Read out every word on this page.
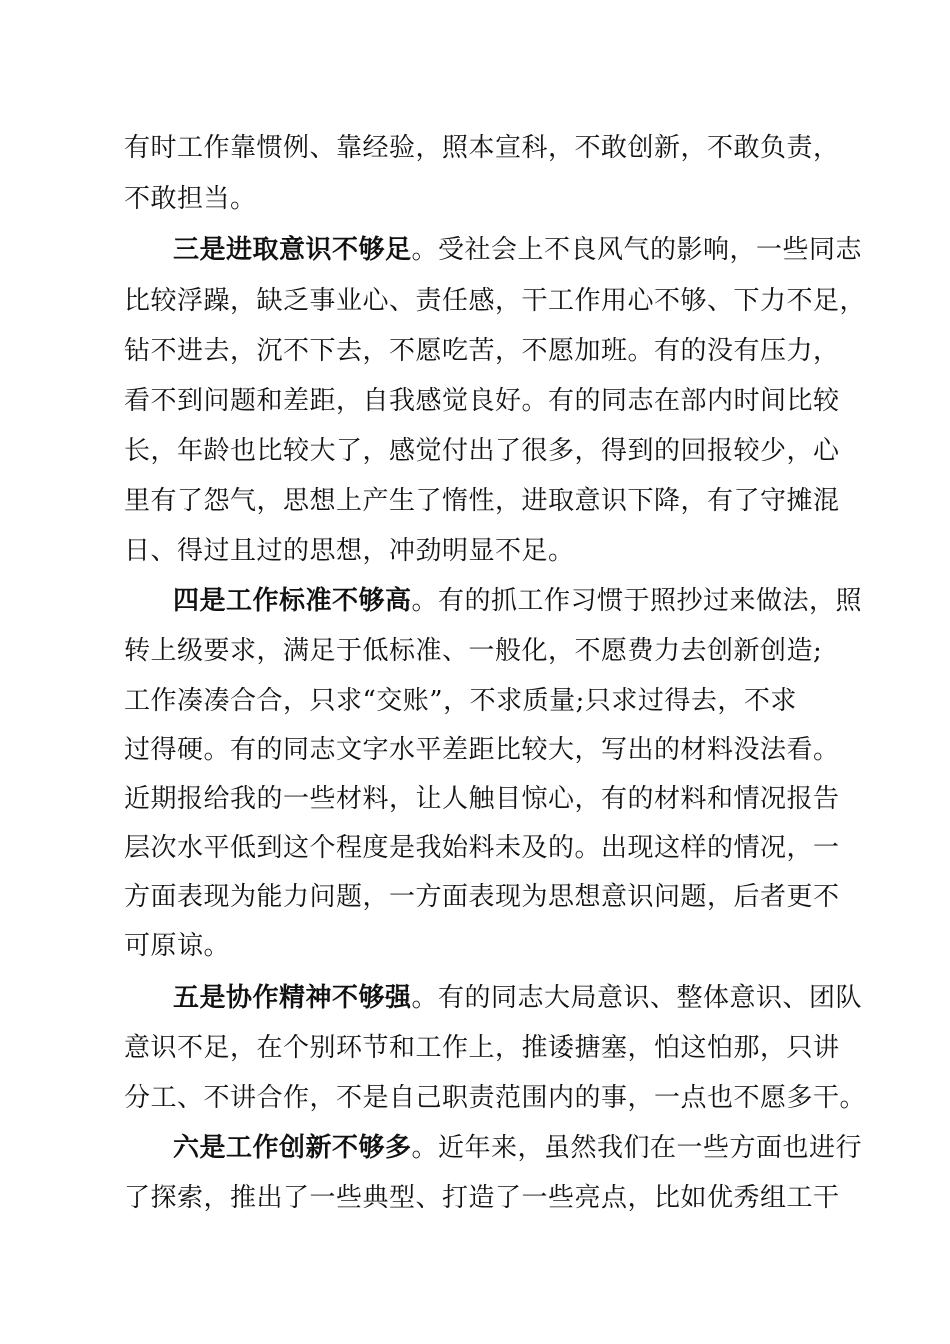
有时工作靠惯例、靠经验，照本宣科，不敢创新，不敢负责，
不敢担当。
三是进取意识不够足。受社会上不良风气的影响，一些同志
比较浮躁，缺乏事业心、责任感，干工作用心不够、下力不足，
钻不进去，沉不下去，不愿吃苦，不愿加班。有的没有压力，
看不到问题和差距，自我感觉良好。有的同志在部内时间比较
长，年龄也比较大了，感觉付出了很多，得到的回报较少，心
里有了怨气，思想上产生了惰性，进取意识下降，有了守摊混
日、得过且过的思想，冲劲明显不足。
四是工作标准不够高。有的抓工作习惯于照抄过来做法，照
转上级要求，满足于低标准、一般化，不愿费力去创新创造;
工作凑凑合合，只求“交账”，不求质量;只求过得去，不求
过得硬。有的同志文字水平差距比较大，写出的材料没法看。
近期报给我的一些材料，让人触目惊心，有的材料和情况报告
层次水平低到这个程度是我始料未及的。出现这样的情况，一
方面表现为能力问题，一方面表现为思想意识问题，后者更不
可原谅。
五是协作精神不够强。有的同志大局意识、整体意识、团队
意识不足，在个别环节和工作上，推诿搪塞，怕这怕那，只讲
分工、不讲合作，不是自己职责范围内的事，一点也不愿多干。
六是工作创新不够多。近年来，虽然我们在一些方面也进行
了探索，推出了一些典型、打造了一些亮点，比如优秀组工干
